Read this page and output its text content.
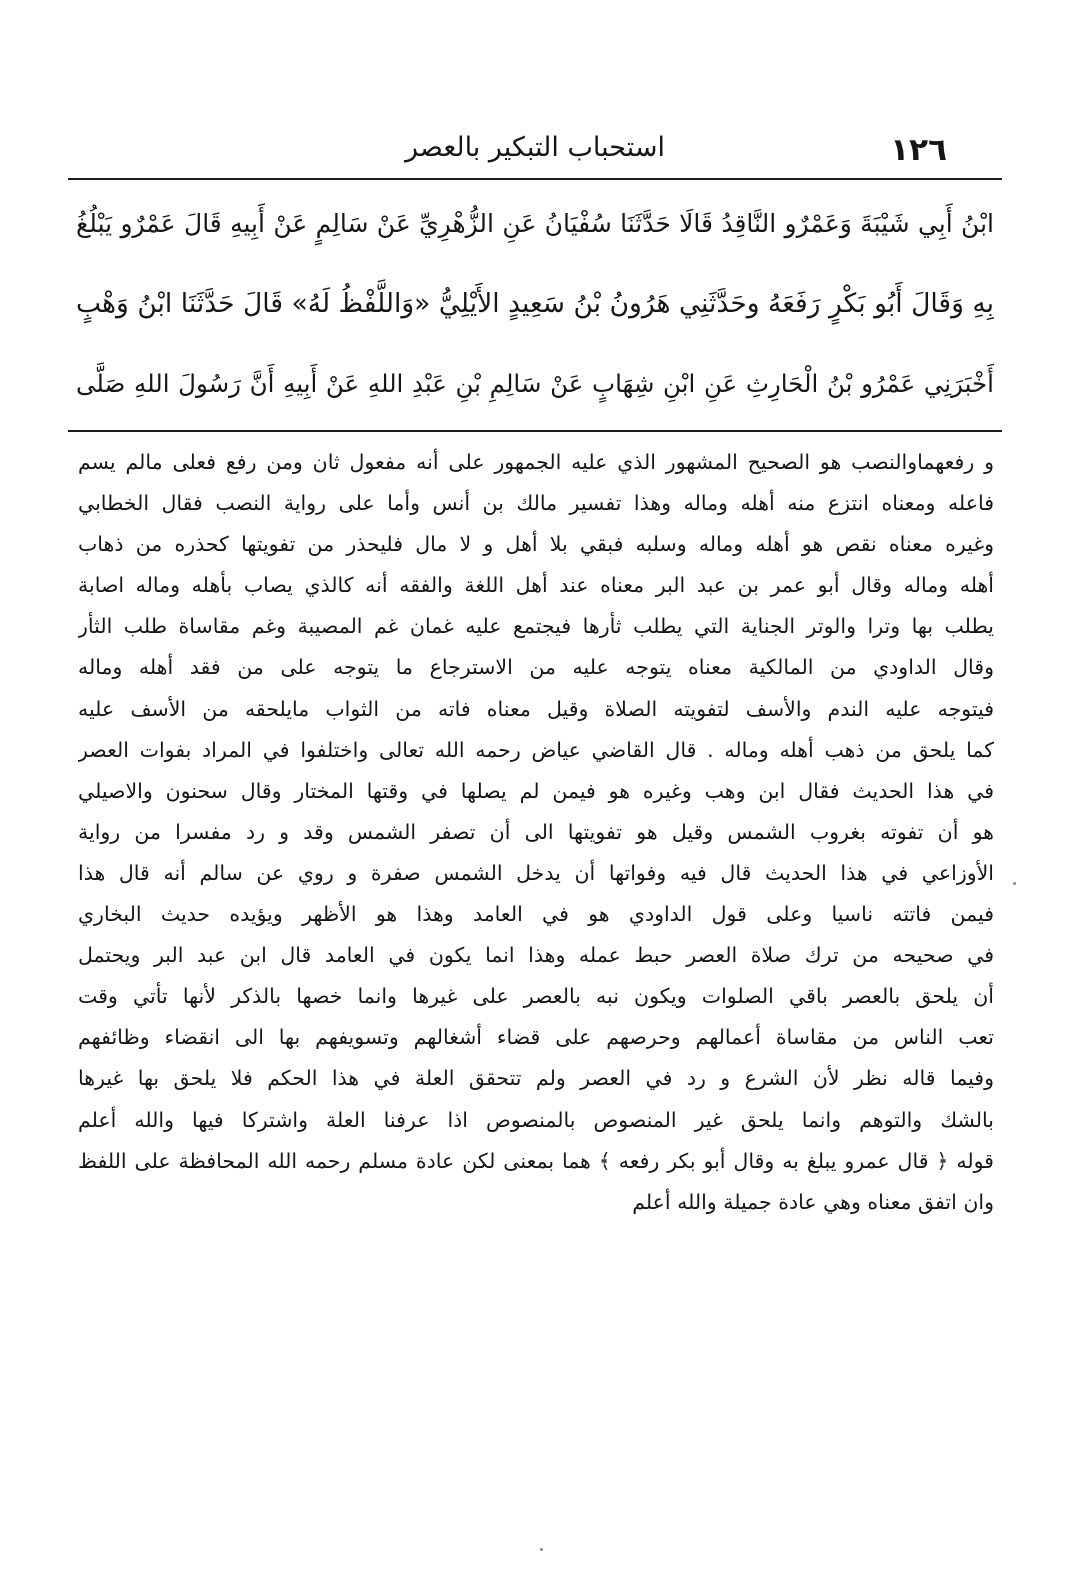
١٢٦
استحباب التبكير بالعصر
ابْنُ أَبِي شَيْبَةَ وَعَمْرٌو النَّاقِدُ قَالَا حَدَّثَنَا سُفْيَانُ عَنِ الزُّهْرِيِّ عَنْ سَالِمٍ عَنْ أَبِيهِ قَالَ عَمْرٌو يَبْلُغُ
بِهِ وَقَالَ أَبُو بَكْرٍ رَفَعَهُ وحَدَّثَنِي هَرُونُ بْنُ سَعِيدٍ الأَيْلِيُّ «وَاللَّفْظُ لَهُ» قَالَ حَدَّثَنَا ابْنُ وَهْبٍ
أَخْبَرَنِي عَمْرُو بْنُ الْحَارِثِ عَنِ ابْنِ شِهَابٍ عَنْ سَالِمِ بْنِ عَبْدِ اللهِ عَنْ أَبِيهِ أَنَّ رَسُولَ اللهِ صَلَّى
و رفعهماوالنصب هو الصحيح المشهور الذي عليه الجمهور على أنه مفعول ثان ومن رفع فعلى مالم يسم
فاعله ومعناه انتزع منه أهله وماله وهذا تفسير مالك بن أنس وأما على رواية النصب فقال الخطابي
وغيره معناه نقص هو أهله وماله وسلبه فبقي بلا أهل و لا مال فليحذر من تفويتها كحذره من ذهاب
أهله وماله وقال أبو عمر بن عبد البر معناه عند أهل اللغة والفقه أنه كالذي يصاب بأهله وماله اصابة
يطلب بها وترا والوتر الجناية التي يطلب ثأرها فيجتمع عليه غمان غم المصيبة وغم مقاساة طلب الثأر
وقال الداودي من المالكية معناه يتوجه عليه من الاسترجاع ما يتوجه على من فقد أهله وماله
فيتوجه عليه الندم والأسف لتفويته الصلاة وقيل معناه فاته من الثواب مايلحقه من الأسف عليه
كما يلحق من ذهب أهله وماله . قال القاضي عياض رحمه الله تعالى واختلفوا في المراد بفوات العصر
في هذا الحديث فقال ابن وهب وغيره هو فيمن لم يصلها في وقتها المختار وقال سحنون والاصيلي
هو أن تفوته بغروب الشمس وقيل هو تفويتها الى أن تصفر الشمس وقد و رد مفسرا من رواية
الأوزاعي في هذا الحديث قال فيه وفواتها أن يدخل الشمس صفرة و روي عن سالم أنه قال هذا
فيمن فاتته ناسيا وعلى قول الداودي هو في العامد وهذا هو الأظهر ويؤيده حديث البخاري
في صحيحه من ترك صلاة العصر حبط عمله وهذا انما يكون في العامد قال ابن عبد البر ويحتمل
أن يلحق بالعصر باقي الصلوات ويكون نبه بالعصر على غيرها وانما خصها بالذكر لأنها تأتي وقت
تعب الناس من مقاساة أعمالهم وحرصهم على قضاء أشغالهم وتسويفهم بها الى انقضاء وظائفهم
وفيما قاله نظر لأن الشرع و رد في العصر ولم تتحقق العلة في هذا الحكم فلا يلحق بها غيرها
بالشك والتوهم وانما يلحق غير المنصوص بالمنصوص اذا عرفنا العلة واشتركا فيها والله أعلم
قوله ﴿ قال عمرو يبلغ به وقال أبو بكر رفعه ﴾ هما بمعنى لكن عادة مسلم رحمه الله المحافظة على اللفظ
وان اتفق معناه وهي عادة جميلة والله أعلم
